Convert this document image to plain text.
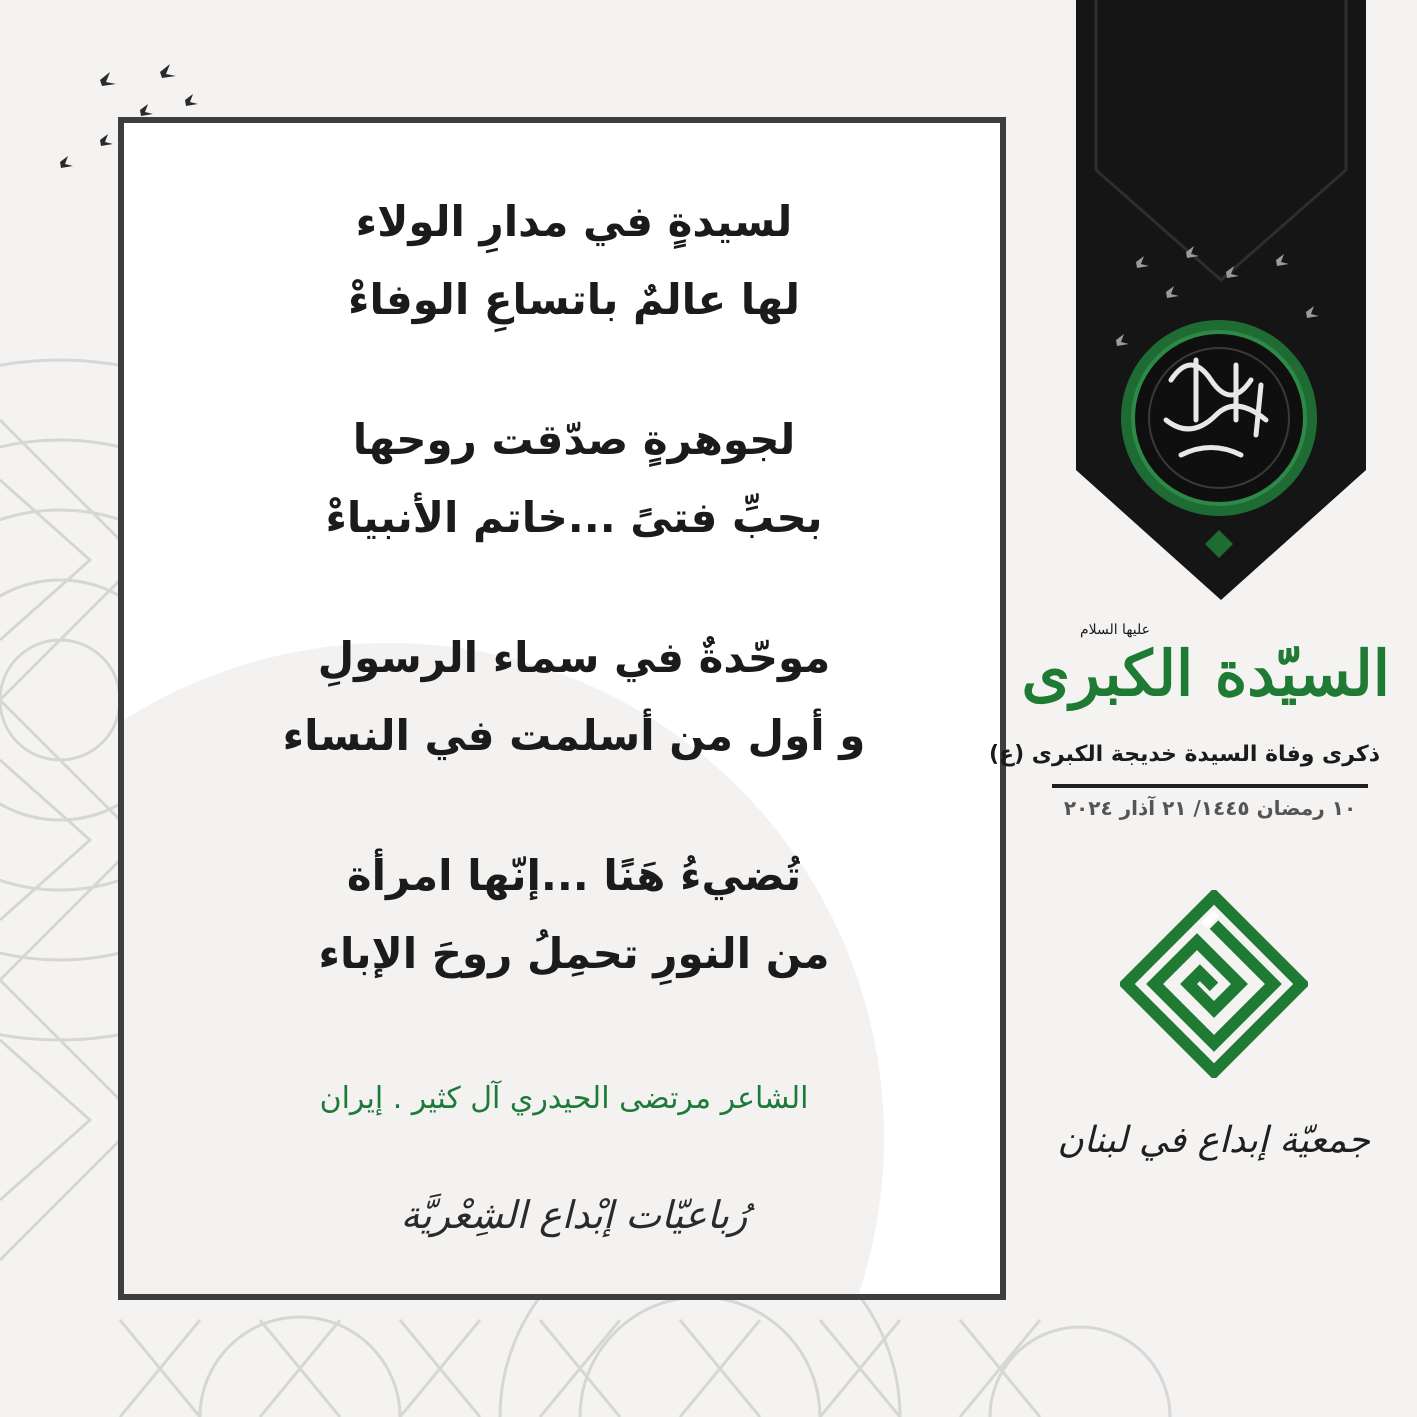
لسيدةٍ في مدارِ الولاء
لها عالمٌ باتساعِ الوفاءْ
لجوهرةٍ صدّقت روحها
بحبِّ فتىً ...خاتم الأنبياءْ
موحّدةٌ في سماء الرسولِ
و أول من أسلمت في النساء
تُضيءُ هَنًا ...إنّها امرأة
من النورِ تحمِلُ روحَ الإباء
الشاعر مرتضى الحيدري آل كثير . إيران
رُباعيّات إبْداع الشِعْريَّة
عليها السلام
السيّدة الكبرى
ذكرى وفاة السيدة خديجة الكبرى (ع)
١٠ رمضان ١٤٤٥/ ٢١ آذار ٢٠٢٤
جمعيّة إبداع في لبنان
